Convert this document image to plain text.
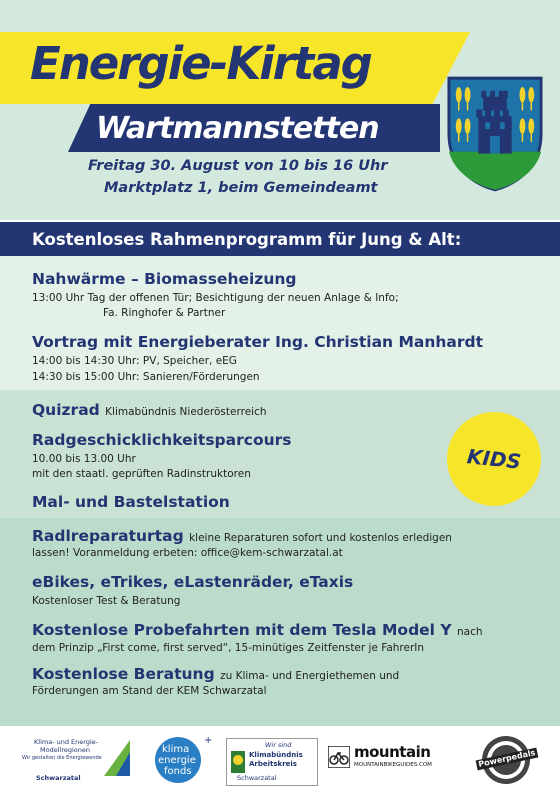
Energie-Kirtag
Wartmannstetten
Freitag 30. August von 10 bis 16 Uhr
Marktplatz 1, beim Gemeindeamt
Kostenloses Rahmenprogramm für Jung & Alt:
Nahwärme – Biomasseheizung
13:00 Uhr Tag der offenen Tür; Besichtigung der neuen Anlage & Info;
Fa. Ringhofer & Partner
Vortrag mit Energieberater Ing. Christian Manhardt
14:00 bis 14:30 Uhr: PV, Speicher, eEG
14:30 bis 15:00 Uhr: Sanieren/Förderungen
Quizrad Klimabündnis Niederösterreich
Radgeschicklichkeitsparcours
10.00 bis 13.00 Uhr
mit den staatl. geprüften Radinstruktoren
Mal- und Bastelstation
KIDS
Radlreparaturtag kleine Reparaturen sofort und kostenlos erledigen
lassen! Voranmeldung erbeten: office@kem-schwarzatal.at
eBikes, eTrikes, eLastenräder, eTaxis
Kostenloser Test & Beratung
Kostenlose Probefahrten mit dem Tesla Model Y nach
dem Prinzip „First come, first served“, 15-minütiges Zeitfenster je FahrerIn
Kostenlose Beratung zu Klima- und Energiethemen und
Förderungen am Stand der KEM Schwarzatal
Klima- und Energie-
Modellregionen
Wir gestalten die Energiewende
Schwarzatal
klima
energie
fonds
+	Wir sind
Klimabündnis
Arbeitskreis
Schwarzatal
mountain
MOUNTAINBIKEGUIDES.COM	Powerpedals
